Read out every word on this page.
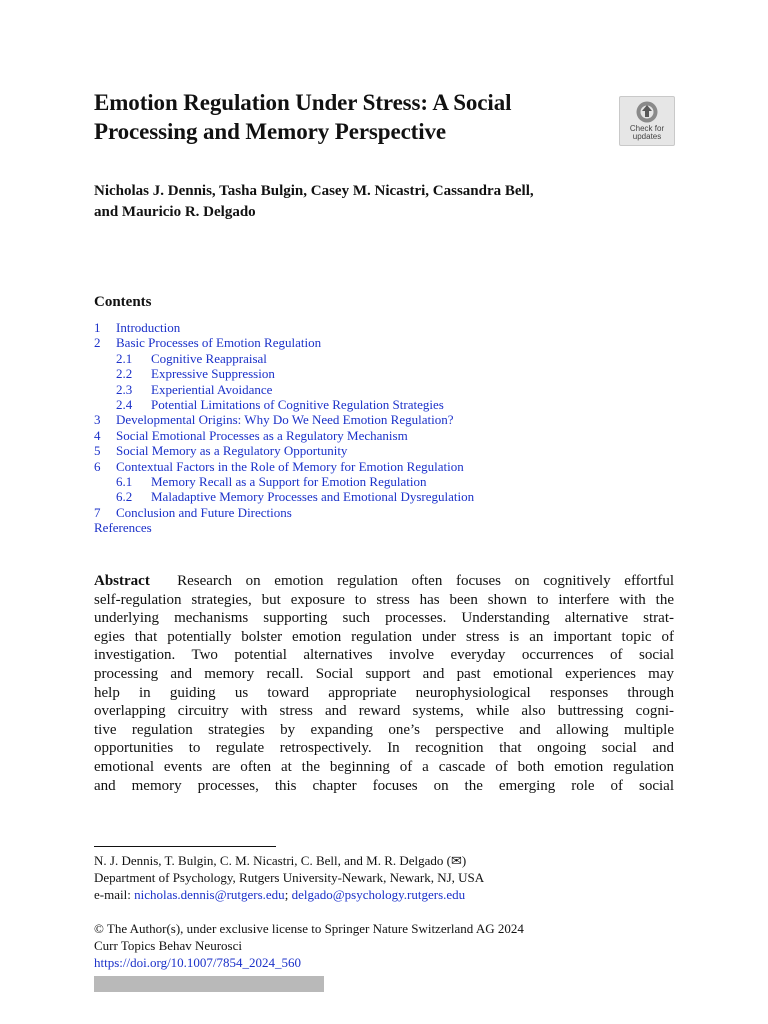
Emotion Regulation Under Stress: A Social
Processing and Memory Perspective	Check for
updates
Nicholas J. Dennis, Tasha Bulgin, Casey M. Nicastri, Cassandra Bell,
and Mauricio R. Delgado
Contents
1 Introduction
2 Basic Processes of Emotion Regulation
2.1 Cognitive Reappraisal
2.2 Expressive Suppression
2.3 Experiential Avoidance
2.4 Potential Limitations of Cognitive Regulation Strategies
3 Developmental Origins: Why Do We Need Emotion Regulation?
4 Social Emotional Processes as a Regulatory Mechanism
5 Social Memory as a Regulatory Opportunity
6 Contextual Factors in the Role of Memory for Emotion Regulation
6.1 Memory Recall as a Support for Emotion Regulation
6.2 Maladaptive Memory Processes and Emotional Dysregulation
7 Conclusion and Future Directions
References
Abstract Research on emotion regulation often focuses on cognitively effortful
self-regulation strategies, but exposure to stress has been shown to interfere with the
underlying mechanisms supporting such processes. Understanding alternative strat-
egies that potentially bolster emotion regulation under stress is an important topic of
investigation. Two potential alternatives involve everyday occurrences of social
processing and memory recall. Social support and past emotional experiences may
help in guiding us toward appropriate neurophysiological responses through
overlapping circuitry with stress and reward systems, while also buttressing cogni-
tive regulation strategies by expanding one’s perspective and allowing multiple
opportunities to regulate retrospectively. In recognition that ongoing social and
emotional events are often at the beginning of a cascade of both emotion regulation
and memory processes, this chapter focuses on the emerging role of social
N. J. Dennis, T. Bulgin, C. M. Nicastri, C. Bell, and M. R. Delgado (✉)
Department of Psychology, Rutgers University-Newark, Newark, NJ, USA
e-mail: nicholas.dennis@rutgers.edu; delgado@psychology.rutgers.edu
© The Author(s), under exclusive license to Springer Nature Switzerland AG 2024
Curr Topics Behav Neurosci
https://doi.org/10.1007/7854_2024_560
